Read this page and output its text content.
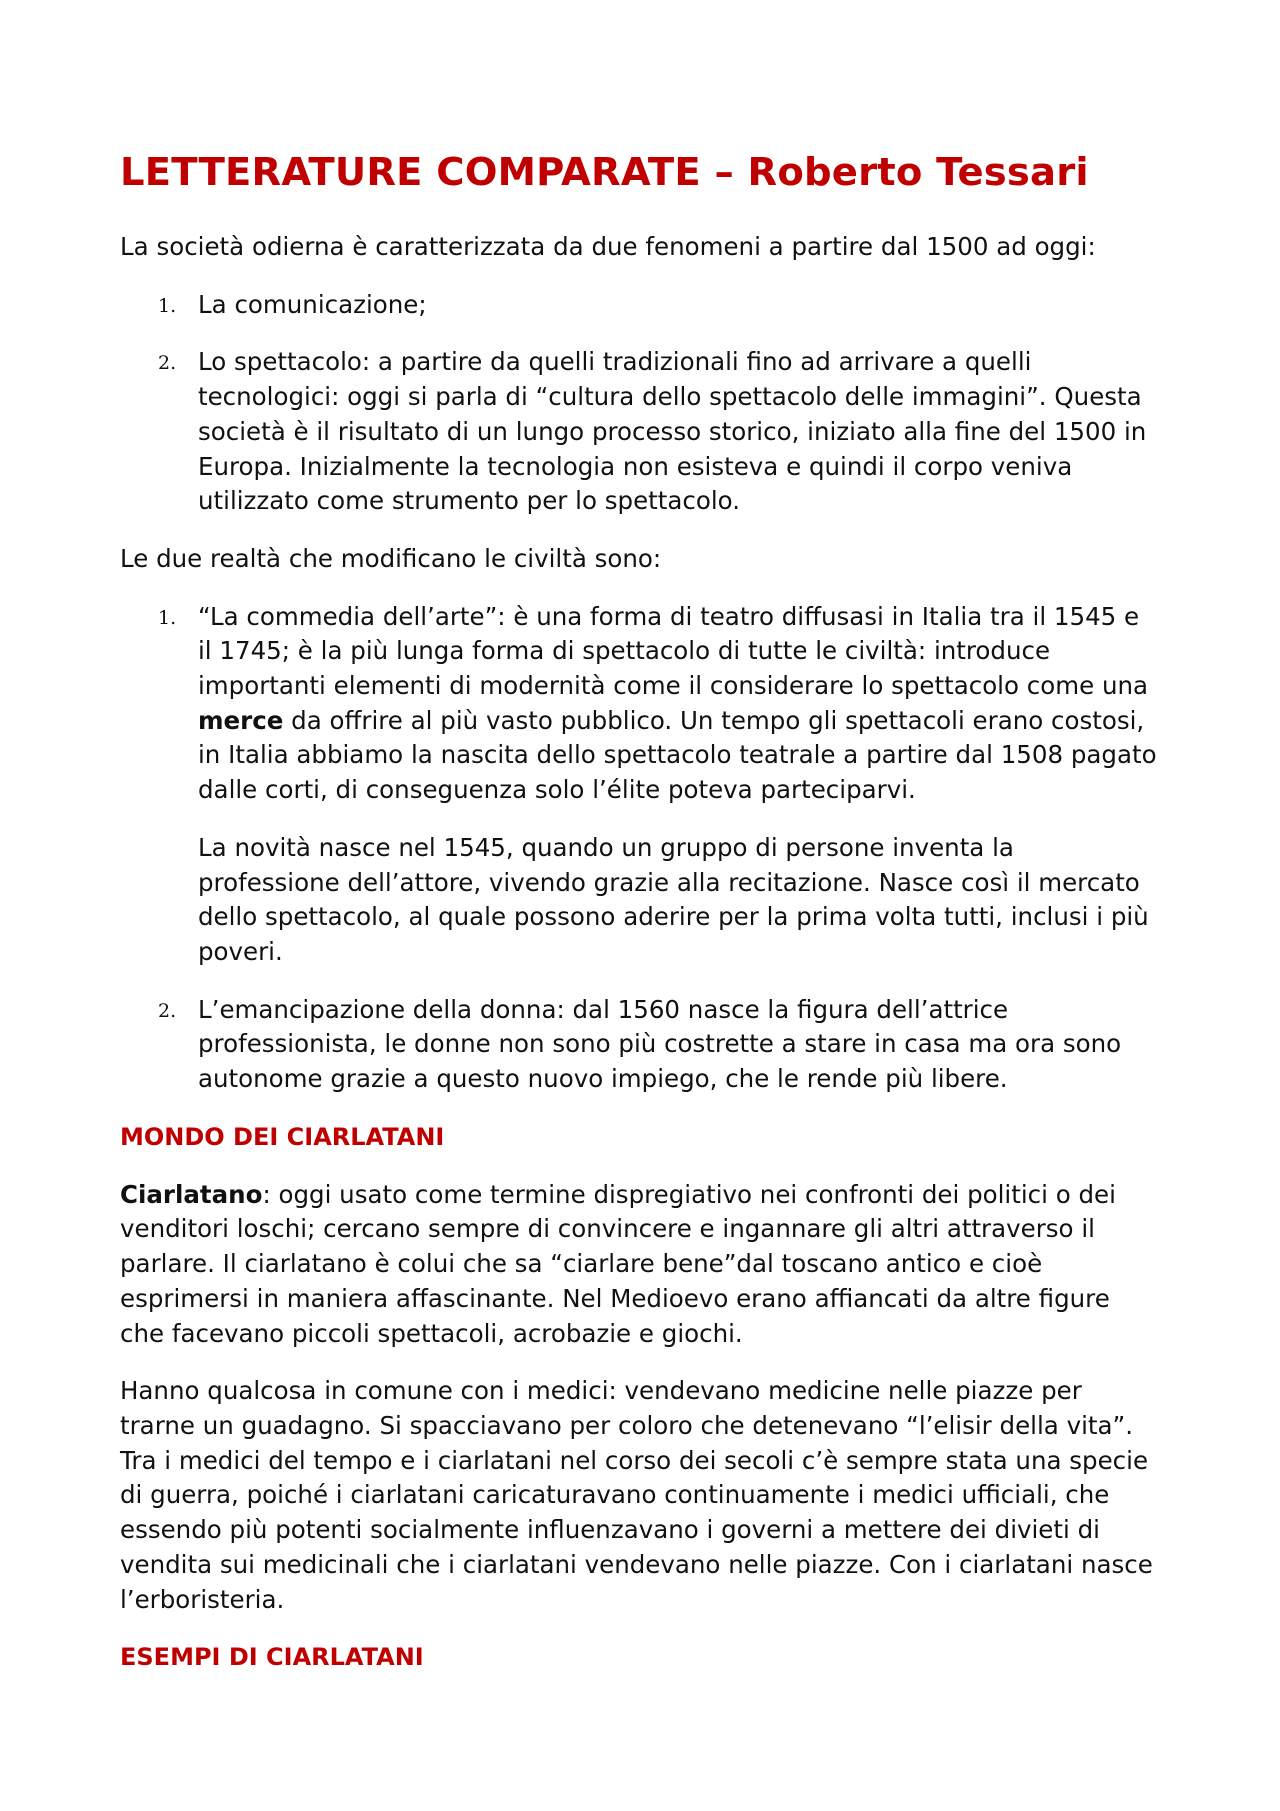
LETTERATURE COMPARATE – Roberto Tessari

La società odierna è caratterizzata da due fenomeni a partire dal 1500 ad oggi:

1. La comunicazione;
2. Lo spettacolo: a partire da quelli tradizionali fino ad arrivare a quelli tecnologici: oggi si parla di “cultura dello spettacolo delle immagini”. Questa società è il risultato di un lungo processo storico, iniziato alla fine del 1500 in Europa. Inizialmente la tecnologia non esisteva e quindi il corpo veniva utilizzato come strumento per lo spettacolo.

Le due realtà che modificano le civiltà sono:

1. “La commedia dell’arte”: è una forma di teatro diffusasi in Italia tra il 1545 e il 1745; è la più lunga forma di spettacolo di tutte le civiltà: introduce importanti elementi di modernità come il considerare lo spettacolo come una merce da offrire al più vasto pubblico. Un tempo gli spettacoli erano costosi, in Italia abbiamo la nascita dello spettacolo teatrale a partire dal 1508 pagato dalle corti, di conseguenza solo l’élite poteva parteciparvi.

La novità nasce nel 1545, quando un gruppo di persone inventa la professione dell’attore, vivendo grazie alla recitazione. Nasce così il mercato dello spettacolo, al quale possono aderire per la prima volta tutti, inclusi i più poveri.

2. L’emancipazione della donna: dal 1560 nasce la figura dell’attrice professionista, le donne non sono più costrette a stare in casa ma ora sono autonome grazie a questo nuovo impiego, che le rende più libere.
MONDO DEI CIARLATANI

Ciarlatano: oggi usato come termine dispregiativo nei confronti dei politici o dei venditori loschi; cercano sempre di convincere e ingannare gli altri attraverso il parlare. Il ciarlatano è colui che sa “ciarlare bene”dal toscano antico e cioè esprimersi in maniera affascinante. Nel Medioevo erano affiancati da altre figure che facevano piccoli spettacoli, acrobazie e giochi.

Hanno qualcosa in comune con i medici: vendevano medicine nelle piazze per trarne un guadagno. Si spacciavano per coloro che detenevano “l’elisir della vita”. Tra i medici del tempo e i ciarlatani nel corso dei secoli c’è sempre stata una specie di guerra, poiché i ciarlatani caricaturavano continuamente i medici ufficiali, che essendo più potenti socialmente influenzavano i governi a mettere dei divieti di vendita sui medicinali che i ciarlatani vendevano nelle piazze. Con i ciarlatani nasce l’erboristeria.

ESEMPI DI CIARLATANI
